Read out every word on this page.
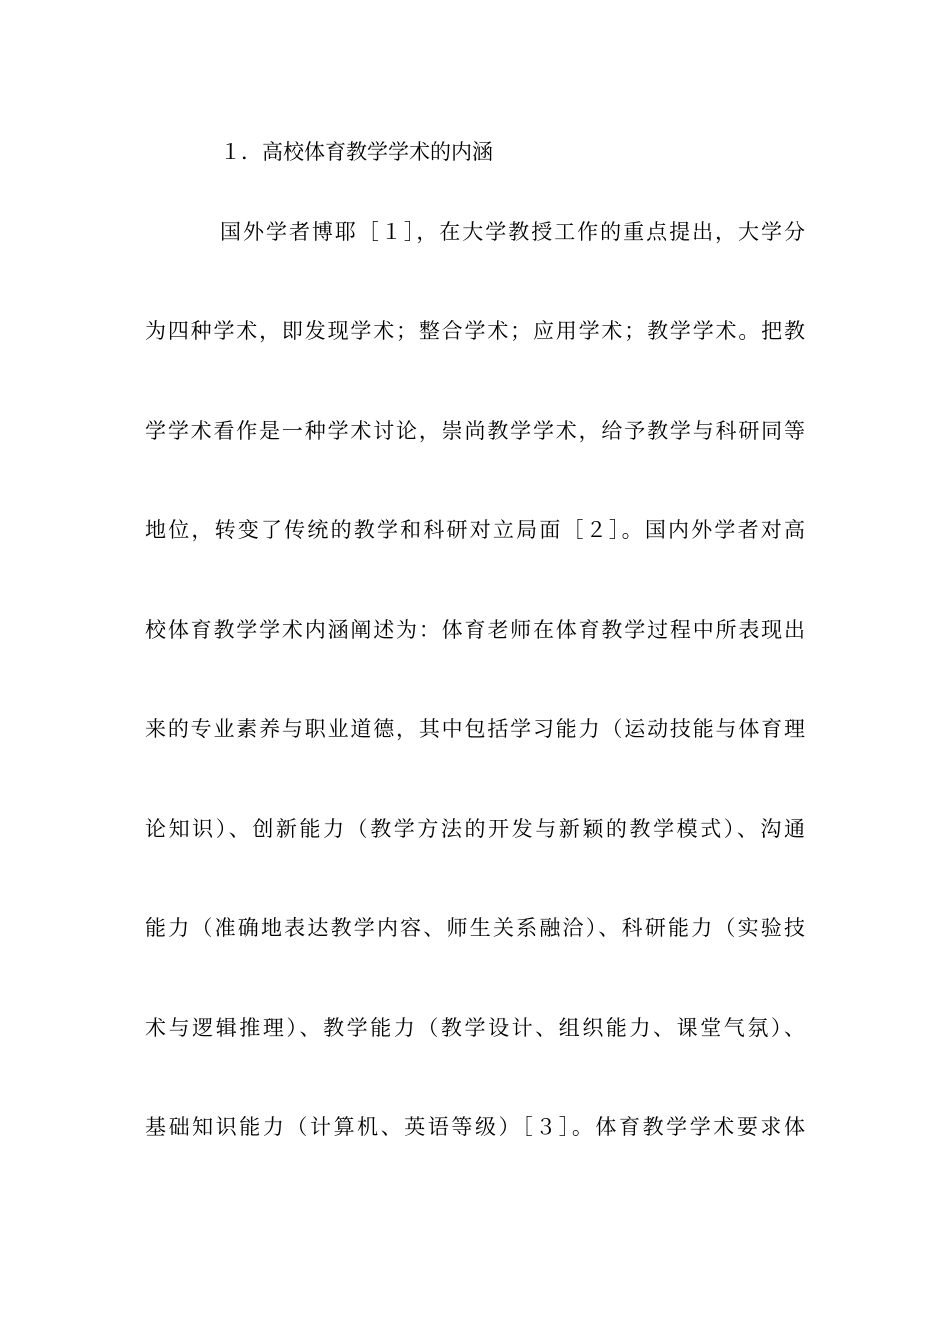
１．高校体育教学学术的内涵
国外学者博耶［１］，在大学教授工作的重点提出，大学分
为四种学术，即发现学术；整合学术；应用学术；教学学术。把教
学学术看作是一种学术讨论，崇尚教学学术，给予教学与科研同等
地位，转变了传统的教学和科研对立局面［２］。国内外学者对高
校体育教学学术内涵阐述为：体育老师在体育教学过程中所表现出
来的专业素养与职业道德，其中包括学习能力（运动技能与体育理
论知识）、创新能力（教学方法的开发与新颖的教学模式）、沟通
能力（准确地表达教学内容、师生关系融洽）、科研能力（实验技
术与逻辑推理）、教学能力（教学设计、组织能力、课堂气氛）、
基础知识能力（计算机、英语等级）［３］。体育教学学术要求体
